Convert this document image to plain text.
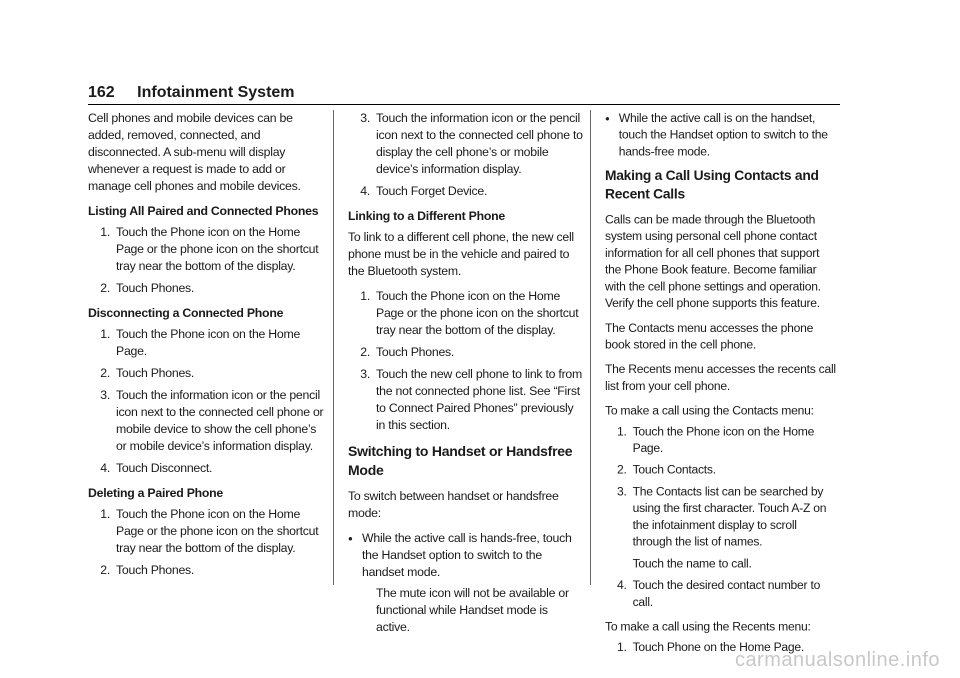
162 Infotainment System

Cell phones and mobile devices can be added, removed, connected, and disconnected. A sub-menu will display whenever a request is made to add or manage cell phones and mobile devices.

Listing All Paired and Connected Phones
1. Touch the Phone icon on the Home Page or the phone icon on the shortcut tray near the bottom of the display.
2. Touch Phones.
Disconnecting a Connected Phone
1. Touch the Phone icon on the Home Page.
2. Touch Phones.
3. Touch the information icon or the pencil icon next to the connected cell phone or mobile device to show the cell phone’s or mobile device’s information display.
4. Touch Disconnect.
Deleting a Paired Phone
1. Touch the Phone icon on the Home Page or the phone icon on the shortcut tray near the bottom of the display.
2. Touch Phones.
3. Touch the information icon or the pencil icon next to the connected cell phone to display the cell phone’s or mobile device’s information display.
4. Touch Forget Device.
Linking to a Different Phone

To link to a different cell phone, the new cell phone must be in the vehicle and paired to the Bluetooth system.

1. Touch the Phone icon on the Home Page or the phone icon on the shortcut tray near the bottom of the display.
2. Touch Phones.
3. Touch the new cell phone to link to from the not connected phone list. See “First to Connect Paired Phones” previously in this section.
Switching to Handset or Handsfree Mode

To switch between handset or handsfree mode:

● While the active call is hands-free, touch the Handset option to switch to the handset mode.
The mute icon will not be available or functional while Handset mode is active.
● While the active call is on the handset, touch the Handset option to switch to the hands-free mode.
Making a Call Using Contacts and Recent Calls

Calls can be made through the Bluetooth system using personal cell phone contact information for all cell phones that support the Phone Book feature. Become familiar with the cell phone settings and operation. Verify the cell phone supports this feature.

The Contacts menu accesses the phone book stored in the cell phone.

The Recents menu accesses the recents call list from your cell phone.

To make a call using the Contacts menu:

1. Touch the Phone icon on the Home Page.
2. Touch Contacts.
3. The Contacts list can be searched by using the first character. Touch A-Z on the infotainment display to scroll through the list of names.
Touch the name to call.
4. Touch the desired contact number to call.

To make a call using the Recents menu:

1. Touch Phone on the Home Page.
carmanualsonline.info
